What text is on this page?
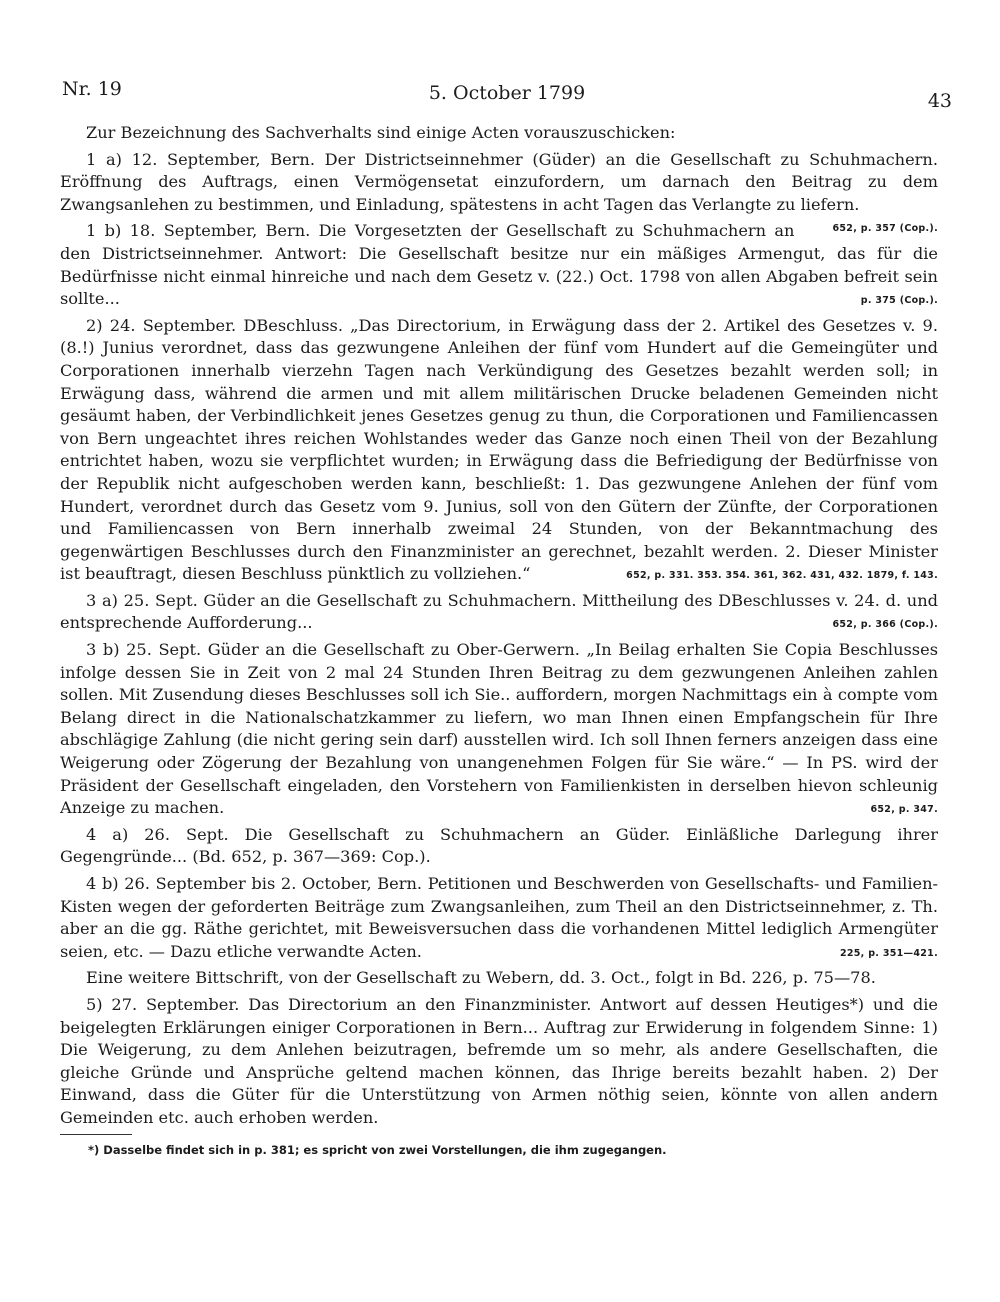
Nr. 19	5. October 1799	43

Zur Bezeichnung des Sachverhalts sind einige Acten vorauszuschicken:

1 a) 12. September, Bern. Der Districtseinnehmer (Güder) an die Gesellschaft zu Schuhmachern. Eröffnung des Auftrags, einen Vermögensetat einzufordern, um darnach den Beitrag zu dem Zwangsanlehen zu bestimmen, und Einladung, spätestens in acht Tagen das Verlangte zu liefern.
652, p. 357 (Cop.).

1 b) 18. September, Bern. Die Vorgesetzten der Gesellschaft zu Schuhmachern an den Districtseinnehmer. Antwort: Die Gesellschaft besitze nur ein mäßiges Armengut, das für die Bedürfnisse nicht einmal hinreiche und nach dem Gesetz v. (22.) Oct. 1798 von allen Abgaben befreit sein sollte...	p. 375 (Cop.).

2) 24. September. DBeschluss. „Das Directorium, in Erwägung dass der 2. Artikel des Gesetzes v. 9. (8.!) Junius verordnet, dass das gezwungene Anleihen der fünf vom Hundert auf die Gemeingüter und Corporationen innerhalb vierzehn Tagen nach Verkündigung des Gesetzes bezahlt werden soll; in Erwägung dass, während die armen und mit allem militärischen Drucke beladenen Gemeinden nicht gesäumt haben, der Verbindlichkeit jenes Gesetzes genug zu thun, die Corporationen und Familiencassen von Bern ungeachtet ihres reichen Wohlstandes weder das Ganze noch einen Theil von der Bezahlung entrichtet haben, wozu sie verpflichtet wurden; in Erwägung dass die Befriedigung der Bedürfnisse von der Republik nicht aufgeschoben werden kann, beschließt: 1. Das gezwungene Anlehen der fünf vom Hundert, verordnet durch das Gesetz vom 9. Junius, soll von den Gütern der Zünfte, der Corporationen und Familiencassen von Bern innerhalb zweimal 24 Stunden, von der Bekanntmachung des gegenwärtigen Beschlusses durch den Finanzminister an gerechnet, bezahlt werden. 2. Dieser Minister ist beauftragt, diesen Beschluss pünktlich zu vollziehen.“	652, p. 331. 353. 354. 361, 362. 431, 432. 1879, f. 143.

3 a) 25. Sept. Güder an die Gesellschaft zu Schuhmachern. Mittheilung des DBeschlusses v. 24. d. und entsprechende Aufforderung...	652, p. 366 (Cop.).

3 b) 25. Sept. Güder an die Gesellschaft zu Ober-Gerwern. „In Beilag erhalten Sie Copia Beschlusses infolge dessen Sie in Zeit von 2 mal 24 Stunden Ihren Beitrag zu dem gezwungenen Anleihen zahlen sollen. Mit Zusendung dieses Beschlusses soll ich Sie.. auffordern, morgen Nachmittags ein à compte vom Belang direct in die Nationalschatzkammer zu liefern, wo man Ihnen einen Empfangschein für Ihre abschlägige Zahlung (die nicht gering sein darf) ausstellen wird. Ich soll Ihnen ferners anzeigen dass eine Weigerung oder Zögerung der Bezahlung von unangenehmen Folgen für Sie wäre.“ — In PS. wird der Präsident der Gesellschaft eingeladen, den Vorstehern von Familienkisten in derselben hievon schleunig Anzeige zu machen.	652, p. 347.

4 a) 26. Sept. Die Gesellschaft zu Schuhmachern an Güder. Einläßliche Darlegung ihrer Gegengründe... (Bd. 652, p. 367—369: Cop.).

4 b) 26. September bis 2. October, Bern. Petitionen und Beschwerden von Gesellschafts- und Familien-Kisten wegen der geforderten Beiträge zum Zwangsanleihen, zum Theil an den Districtseinnehmer, z. Th. aber an die gg. Räthe gerichtet, mit Beweisversuchen dass die vorhandenen Mittel lediglich Armengüter seien, etc. — Dazu etliche verwandte Acten.	225, p. 351—421.

Eine weitere Bittschrift, von der Gesellschaft zu Webern, dd. 3. Oct., folgt in Bd. 226, p. 75—78.

5) 27. September. Das Directorium an den Finanzminister. Antwort auf dessen Heutiges*) und die beigelegten Erklärungen einiger Corporationen in Bern... Auftrag zur Erwiderung in folgendem Sinne: 1) Die Weigerung, zu dem Anlehen beizutragen, befremde um so mehr, als andere Gesellschaften, die gleiche Gründe und Ansprüche geltend machen können, das Ihrige bereits bezahlt haben. 2) Der Einwand, dass die Güter für die Unterstützung von Armen nöthig seien, könnte von allen andern Gemeinden etc. auch erhoben werden.

*) Dasselbe findet sich in p. 381; es spricht von zwei Vorstellungen, die ihm zugegangen.
